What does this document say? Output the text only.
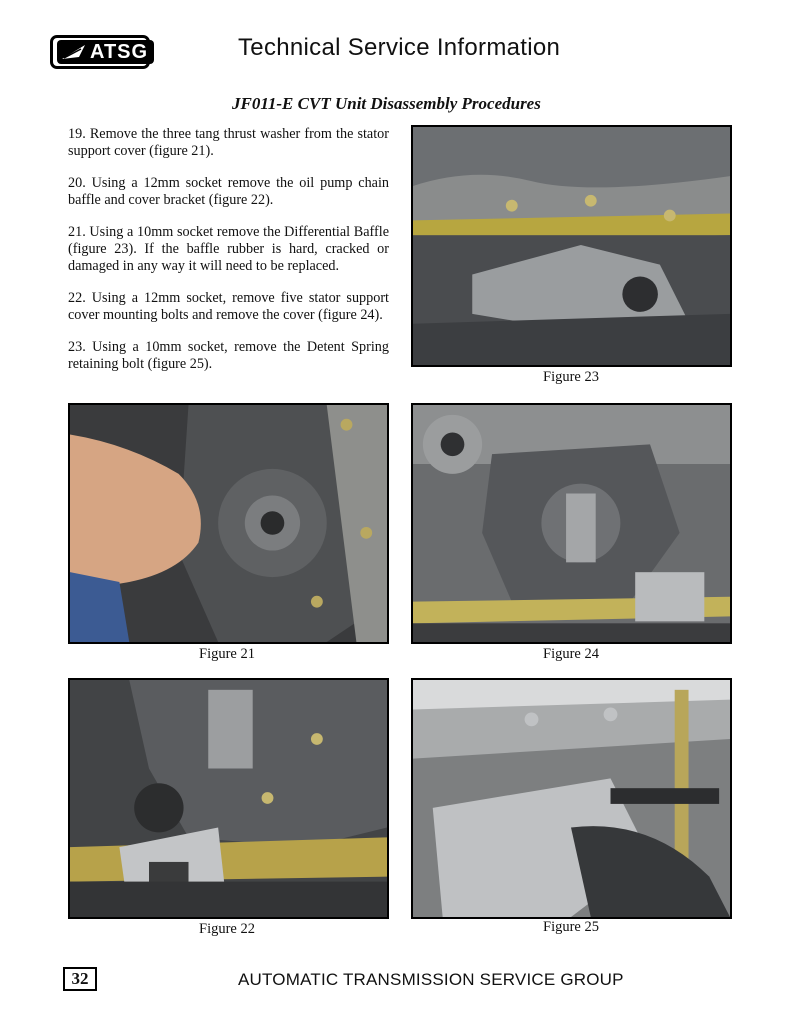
ATSG	Technical Service Information
JF011-E CVT Unit Disassembly Procedures

19. Remove the three tang thrust washer from the stator support cover (figure 21).

20. Using a 12mm socket remove the oil pump chain baffle and cover bracket (figure 22).

21. Using a 10mm socket remove the Differential Baffle (figure 23). If the baffle rubber is hard, cracked or damaged in any way it will need to be replaced.

22. Using a 12mm socket, remove five stator support cover mounting bolts and remove the cover (figure 24).

23. Using a 10mm socket, remove the Detent Spring retaining bolt (figure 25).

Figure 23
Figure 21	Figure 24
Figure 22	Figure 25
32	AUTOMATIC TRANSMISSION SERVICE GROUP
